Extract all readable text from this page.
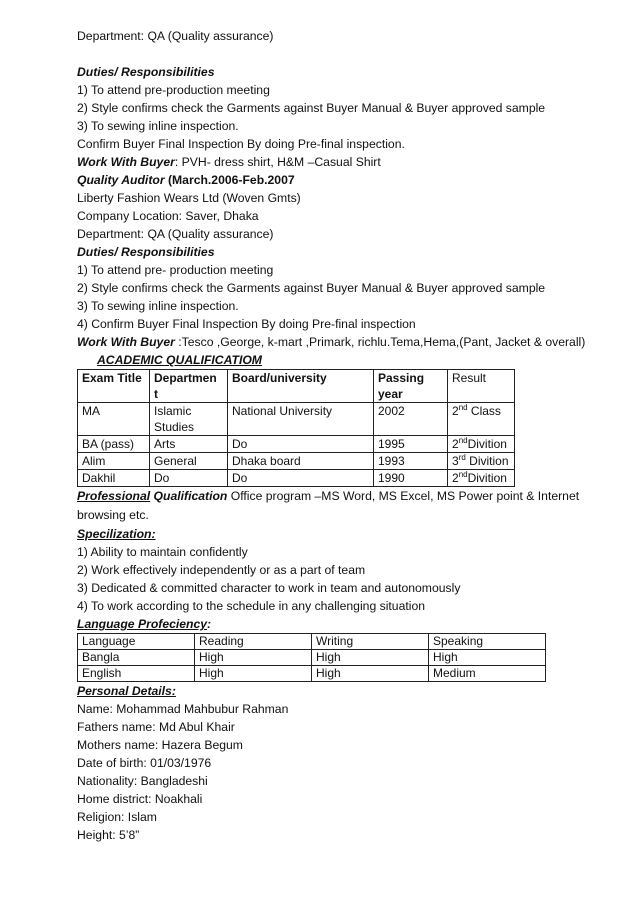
Department: QA (Quality assurance)
Duties/ Responsibilities
1) To attend pre-production meeting
2) Style confirms check the Garments against Buyer Manual & Buyer approved sample
3) To sewing inline inspection.
Confirm Buyer Final Inspection By doing Pre-final inspection.
Work With Buyer: PVH- dress shirt, H&M –Casual Shirt
Quality Auditor (March.2006-Feb.2007
Liberty Fashion Wears Ltd (Woven Gmts)
Company Location: Saver, Dhaka
Department: QA (Quality assurance)
Duties/ Responsibilities
1) To attend pre- production meeting
2) Style confirms check the Garments against Buyer Manual & Buyer approved sample
3) To sewing inline inspection.
4) Confirm Buyer Final Inspection By doing Pre-final inspection
Work With Buyer :Tesco ,George, k-mart ,Primark, richlu.Tema,Hema,(Pant, Jacket & overall)
ACADEMIC QUALIFICATIOM
Exam Title	Departmen t	Board/university	Passing year	Result
MA	Islamic Studies	National University	2002	2nd Class
BA (pass)	Arts	Do	1995	2ndDivition
Alim	General	Dhaka board	1993	3rd Divition
Dakhil	Do	Do	1990	2ndDivition
Professional Qualification Office program –MS Word, MS Excel, MS Power point & Internet browsing etc.
Specilization:
1) Ability to maintain confidently
2) Work effectively independently or as a part of team
3) Dedicated & committed character to work in team and autonomously
4) To work according to the schedule in any challenging situation
Language Profeciency:
Language	Reading	Writing	Speaking
Bangla	High	High	High
English	High	High	Medium
Personal Details:
Name: Mohammad Mahbubur Rahman
Fathers name: Md Abul Khair
Mothers name: Hazera Begum
Date of birth: 01/03/1976
Nationality: Bangladeshi
Home district: Noakhali
Religion: Islam
Height: 5’8”
